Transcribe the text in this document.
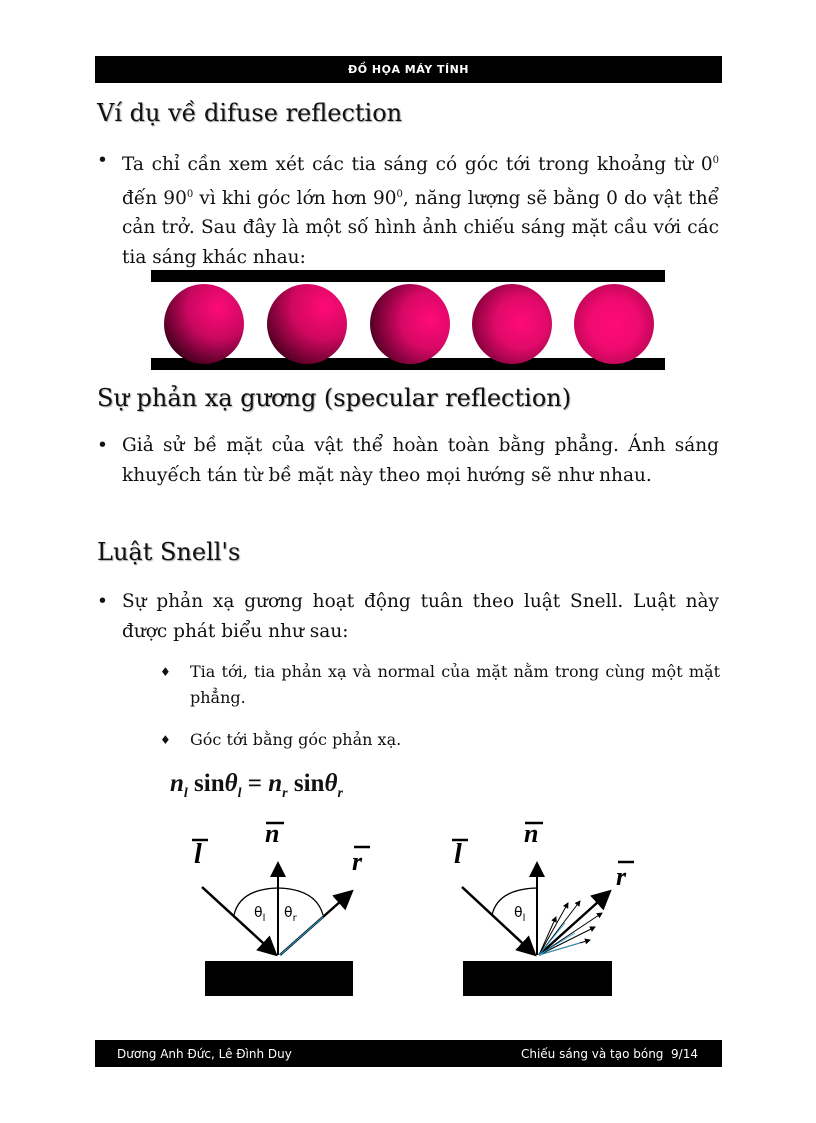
ĐỒ HỌA MÁY TÍNH
Ví dụ về difuse reflection
• Ta chỉ cần xem xét các tia sáng có góc tới trong khoảng từ $0^0$ đến $90^0$ vì khi góc lớn hơn $90^0$, năng lượng sẽ bằng 0 do vật thể cản trở. Sau đây là một số hình ảnh chiếu sáng mặt cầu với các tia sáng khác nhau:
Sự phản xạ gương (specular reflection)
• Giả sử bề mặt của vật thể hoàn toàn bằng phẳng. Ánh sáng khuyếch tán từ bề mặt này theo mọi hướng sẽ như nhau.
Luật Snell's
• Sự phản xạ gương hoạt động tuân theo luật Snell. Luật này được phát biểu như sau:
♦ Tia tới, tia phản xạ và normal của mặt nằm trong cùng một mặt phẳng.
♦ Góc tới bằng góc phản xạ.
$n_l$ $\sin\theta_l = n_r$ sinθ$_r$
n
l	r
$\theta_l$ $\theta_r$
n
l
r
$\theta_l$
Dương Anh Đức, Lê Đình Duy	Chiếu sáng và tạo bóng  9/14
